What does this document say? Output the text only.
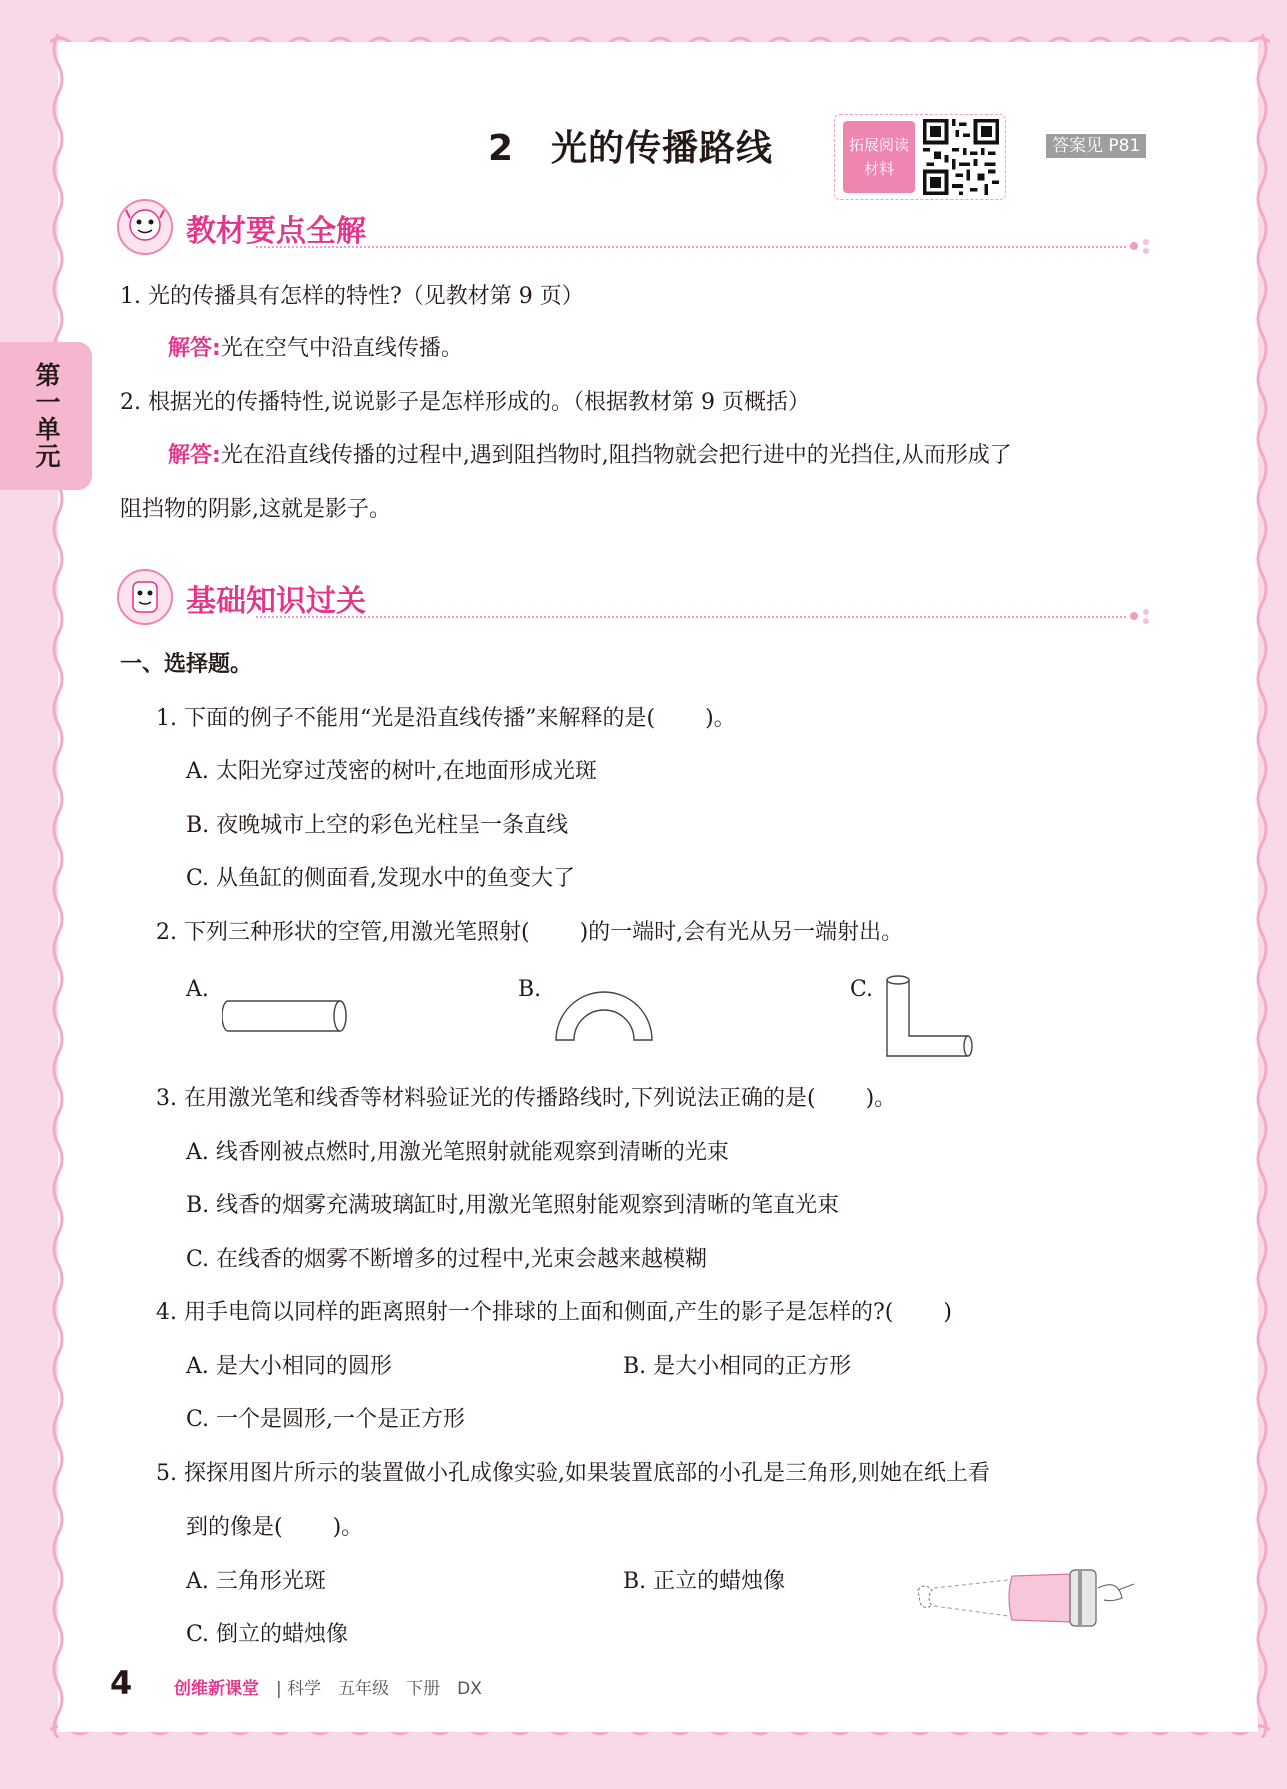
第一单元
2　光的传播路线	拓展阅读
材料
答案见 P81
教材要点全解
1. 光的传播具有怎样的特性?（见教材第 9 页）
解答:光在空气中沿直线传播。
2. 根据光的传播特性,说说影子是怎样形成的。（根据教材第 9 页概括）
解答:光在沿直线传播的过程中,遇到阻挡物时,阻挡物就会把行进中的光挡住,从而形成了
阻挡物的阴影,这就是影子。
基础知识过关
一、选择题。
1. 下面的例子不能用“光是沿直线传播”来解释的是( )。
A. 太阳光穿过茂密的树叶,在地面形成光斑
B. 夜晚城市上空的彩色光柱呈一条直线
C. 从鱼缸的侧面看,发现水中的鱼变大了
2. 下列三种形状的空管,用激光笔照射( )的一端时,会有光从另一端射出。
A.	B.	C.
3. 在用激光笔和线香等材料验证光的传播路线时,下列说法正确的是( )。
A. 线香刚被点燃时,用激光笔照射就能观察到清晰的光束
B. 线香的烟雾充满玻璃缸时,用激光笔照射能观察到清晰的笔直光束
C. 在线香的烟雾不断增多的过程中,光束会越来越模糊
4. 用手电筒以同样的距离照射一个排球的上面和侧面,产生的影子是怎样的?( )
A. 是大小相同的圆形	B. 是大小相同的正方形
C. 一个是圆形,一个是正方形
5. 探探用图片所示的装置做小孔成像实验,如果装置底部的小孔是三角形,则她在纸上看
到的像是( )。
A. 三角形光斑	B. 正立的蜡烛像
C. 倒立的蜡烛像
4 创维新课堂 | 科学　五年级　下册　DX
